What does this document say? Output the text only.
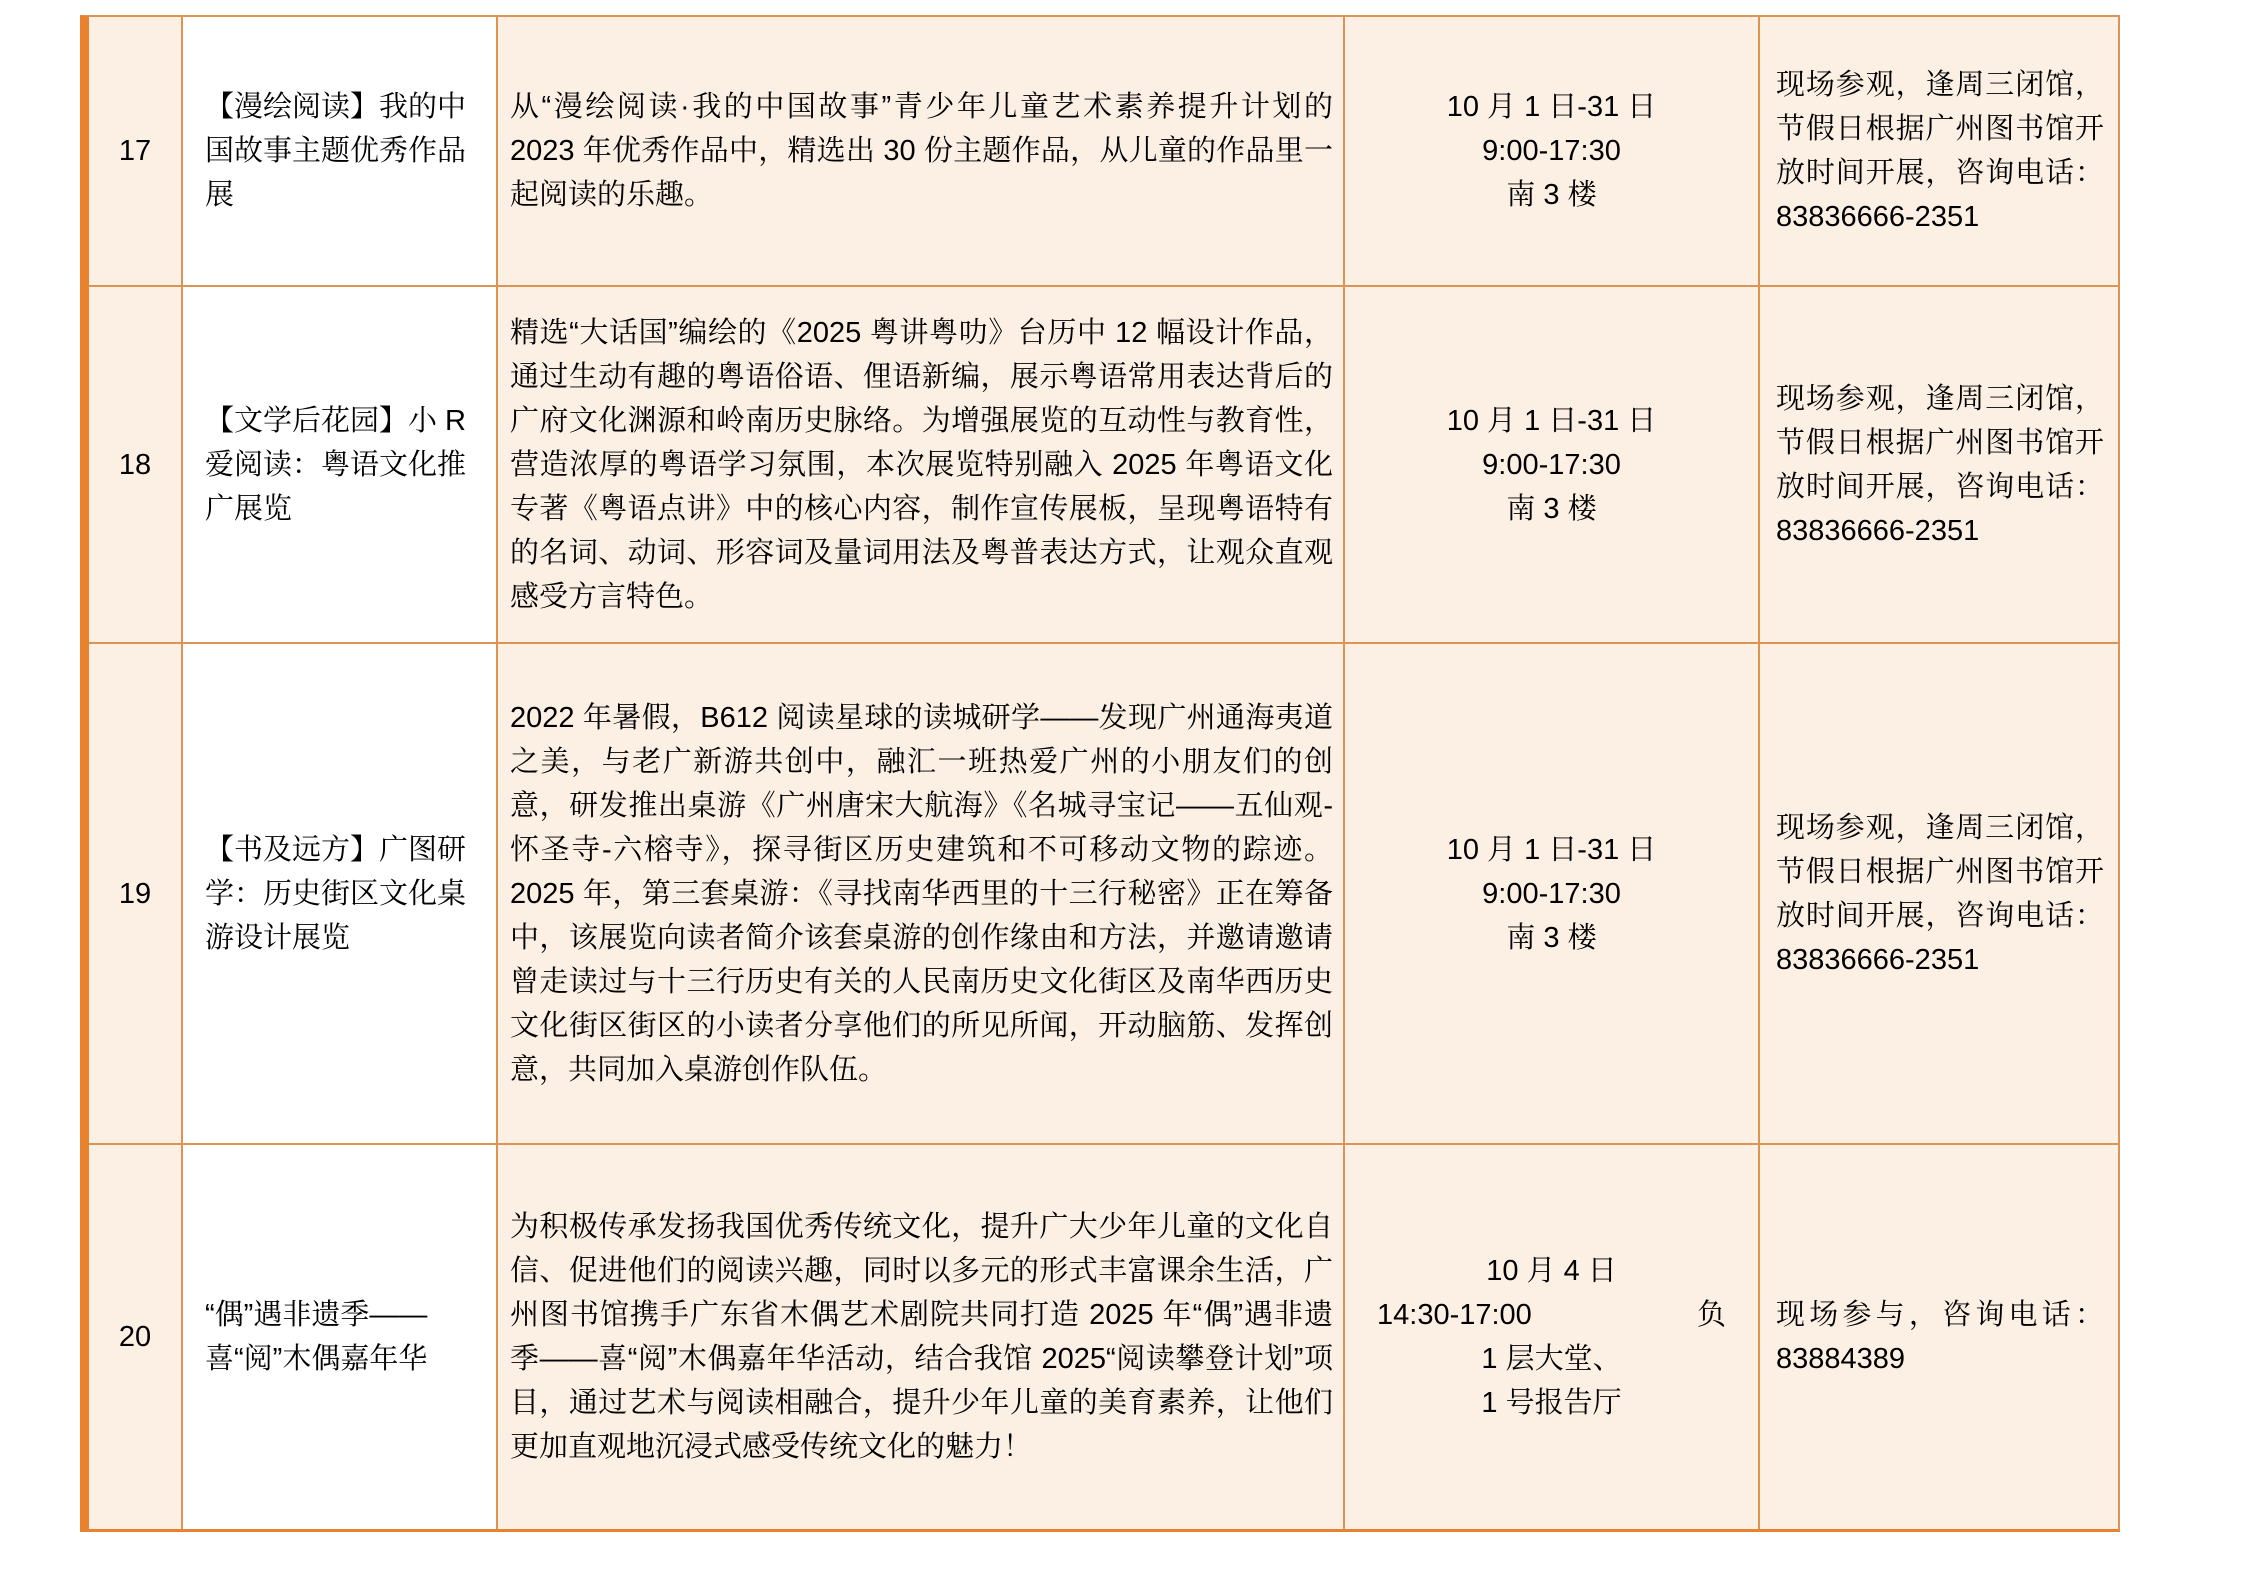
17
【漫绘阅读】我的中国故事主题优秀作品展
从“漫绘阅读·我的中国故事”青少年儿童艺术素养提升计划的 2023 年优秀作品中，精选出 30 份主题作品，从儿童的作品里一起阅读的乐趣。
10 月 1 日-31 日
9:00-17:30
南 3 楼
现场参观，逢周三闭馆，节假日根据广州图书馆开放时间开展，咨询电话：83836666-2351
18
【文学后花园】小 R 爱阅读：粤语文化推广展览
精选“大话国”编绘的《2025 粤讲粤叻》台历中 12 幅设计作品，通过生动有趣的粤语俗语、俚语新编，展示粤语常用表达背后的广府文化渊源和岭南历史脉络。为增强展览的互动性与教育性，营造浓厚的粤语学习氛围，本次展览特别融入 2025 年粤语文化专著《粤语点讲》中的核心内容，制作宣传展板，呈现粤语特有的名词、动词、形容词及量词用法及粤普表达方式，让观众直观感受方言特色。
10 月 1 日-31 日
9:00-17:30
南 3 楼
现场参观，逢周三闭馆，节假日根据广州图书馆开放时间开展，咨询电话：83836666-2351
19
【书及远方】广图研学：历史街区文化桌游设计展览
2022 年暑假，B612 阅读星球的读城研学——发现广州通海夷道之美，与老广新游共创中，融汇一班热爱广州的小朋友们的创意，研发推出桌游《广州唐宋大航海》《名城寻宝记——五仙观-怀圣寺-六榕寺》，探寻街区历史建筑和不可移动文物的踪迹。2025 年，第三套桌游：《寻找南华西里的十三行秘密》正在筹备中，该展览向读者简介该套桌游的创作缘由和方法，并邀请邀请曾走读过与十三行历史有关的人民南历史文化街区及南华西历史文化街区街区的小读者分享他们的所见所闻，开动脑筋、发挥创意，共同加入桌游创作队伍。
10 月 1 日-31 日
9:00-17:30
南 3 楼
现场参观，逢周三闭馆，节假日根据广州图书馆开放时间开展，咨询电话：83836666-2351
20
“偶”遇非遗季——喜“阅”木偶嘉年华
为积极传承发扬我国优秀传统文化，提升广大少年儿童的文化自信、促进他们的阅读兴趣，同时以多元的形式丰富课余生活，广州图书馆携手广东省木偶艺术剧院共同打造 2025 年“偶”遇非遗季——喜“阅”木偶嘉年华活动，结合我馆 2025“阅读攀登计划”项目，通过艺术与阅读相融合，提升少年儿童的美育素养，让他们更加直观地沉浸式感受传统文化的魅力！
10 月 4 日
14:30-17:00	负
1 层大堂、
1 号报告厅
现场参与，咨询电话：83884389
